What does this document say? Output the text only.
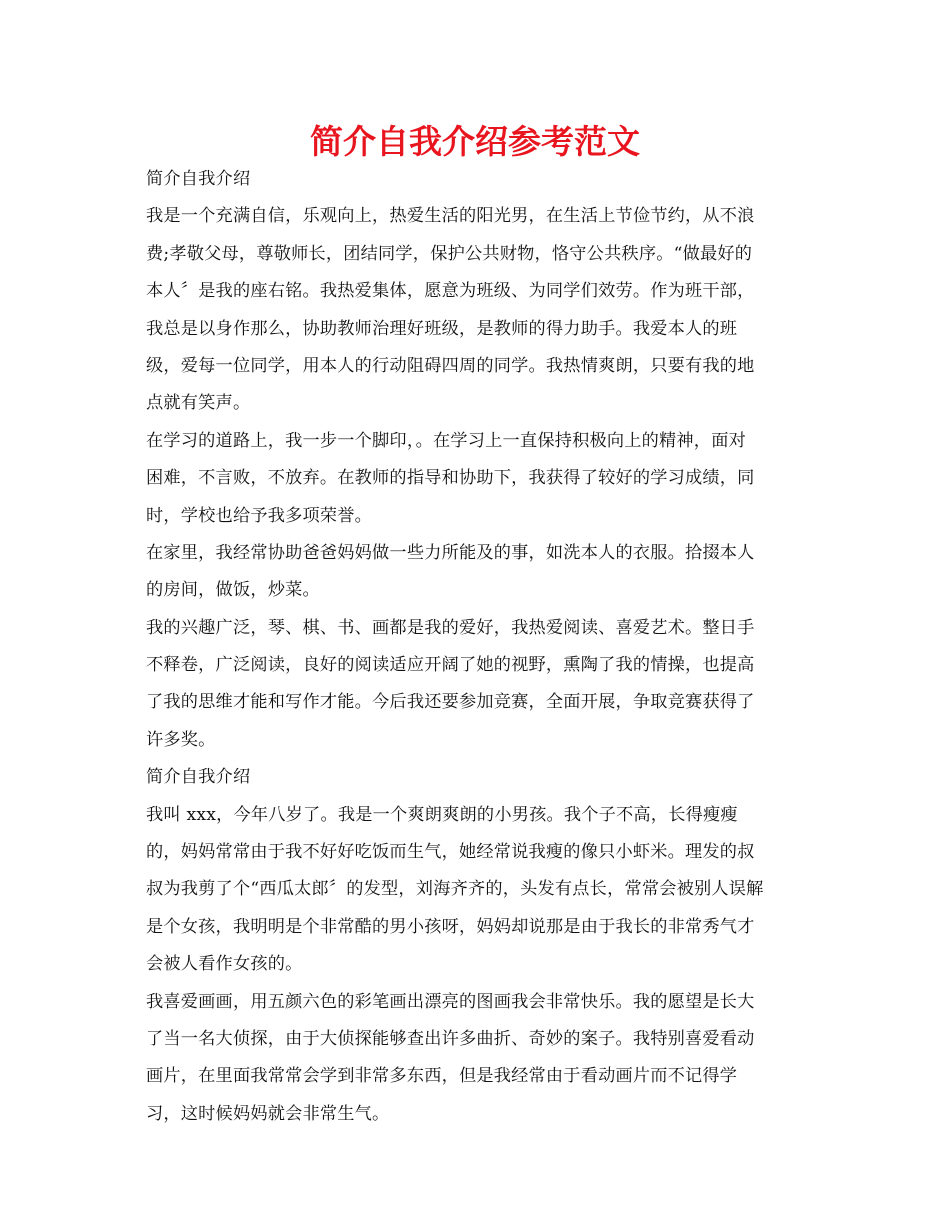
简介自我介绍参考范文
简介自我介绍
我是一个充满自信，乐观向上，热爱生活的阳光男，在生活上节俭节约，从不浪
费;孝敬父母，尊敬师长，团结同学，保护公共财物，恪守公共秩序。“做最好的
本人〞是我的座右铭。我热爱集体，愿意为班级、为同学们效劳。作为班干部，
我总是以身作那么，协助教师治理好班级，是教师的得力助手。我爱本人的班
级，爱每一位同学，用本人的行动阻碍四周的同学。我热情爽朗，只要有我的地
点就有笑声。
在学习的道路上，我一步一个脚印，。在学习上一直保持积极向上的精神，面对
困难，不言败，不放弃。在教师的指导和协助下，我获得了较好的学习成绩，同
时，学校也给予我多项荣誉。
在家里，我经常协助爸爸妈妈做一些力所能及的事，如洗本人的衣服。拾掇本人
的房间，做饭，炒菜。
我的兴趣广泛，琴、棋、书、画都是我的爱好，我热爱阅读、喜爱艺术。整日手
不释卷，广泛阅读，良好的阅读适应开阔了她的视野，熏陶了我的情操，也提高
了我的思维才能和写作才能。今后我还要参加竞赛，全面开展，争取竞赛获得了
许多奖。
简介自我介绍
我叫 xxx，今年八岁了。我是一个爽朗爽朗的小男孩。我个子不高，长得瘦瘦
的，妈妈常常由于我不好好吃饭而生气，她经常说我瘦的像只小虾米。理发的叔
叔为我剪了个“西瓜太郎〞的发型，刘海齐齐的，头发有点长，常常会被别人误解
是个女孩，我明明是个非常酷的男小孩呀，妈妈却说那是由于我长的非常秀气才
会被人看作女孩的。
我喜爱画画，用五颜六色的彩笔画出漂亮的图画我会非常快乐。我的愿望是长大
了当一名大侦探，由于大侦探能够查出许多曲折、奇妙的案子。我特别喜爱看动
画片，在里面我常常会学到非常多东西，但是我经常由于看动画片而不记得学
习，这时候妈妈就会非常生气。
